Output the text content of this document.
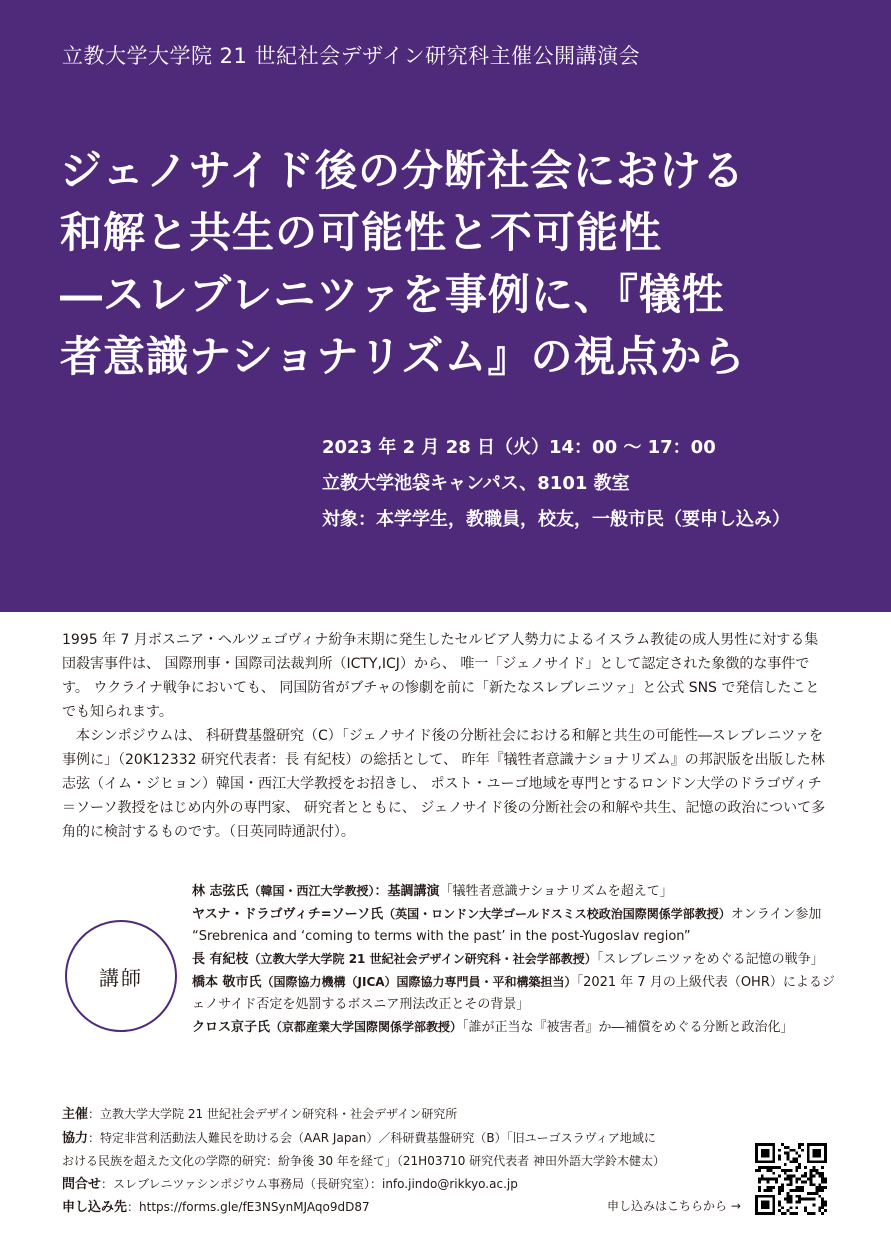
立教大学大学院 21 世紀社会デザイン研究科主催公開講演会
ジェノサイド後の分断社会における
和解と共生の可能性と不可能性
―スレブレニツァを事例に、『犠牲
者意識ナショナリズム』の視点から
2023 年 2 月 28 日（火）14：00 ～ 17：00
立教大学池袋キャンパス、8101 教室
対象：本学学生，教職員，校友，一般市民（要申し込み）

1995 年 7 月ボスニア・ヘルツェゴヴィナ紛争末期に発生したセルビア人勢力によるイスラム教徒の成人男性に対する集団殺害事件は、 国際刑事・国際司法裁判所（ICTY,ICJ）から、 唯一「ジェノサイド」として認定された象徴的な事件です。 ウクライナ戦争においても、 同国防省がブチャの惨劇を前に「新たなスレブレニツァ」と公式 SNS で発信したことでも知られます。

本シンポジウムは、 科研費基盤研究（C）「ジェノサイド後の分断社会における和解と共生の可能性―スレブレニツァを事例に」（20K12332 研究代表者：長 有紀枝）の総括として、 昨年『犠牲者意識ナショナリズム』の邦訳版を出版した林 志弦（イム・ジヒョン）韓国・西江大学教授をお招きし、 ポスト・ユーゴ地域を専門とするロンドン大学のドラゴヴィチ＝ソーソ教授をはじめ内外の専門家、 研究者とともに、 ジェノサイド後の分断社会の和解や共生、記憶の政治について多角的に検討するものです。（日英同時通訳付）。

講師
林 志弦氏（韓国・西江大学教授）：基調講演「犠牲者意識ナショナリズムを超えて」
ヤスナ・ドラゴヴィチ=ソーソ氏（英国・ロンドン大学ゴールドスミス校政治国際関係学部教授）オンライン参加 “Srebrenica and ‘coming to terms with the past’ in the post-Yugoslav region”
長 有紀枝（立教大学大学院 21 世紀社会デザイン研究科・社会学部教授）「スレブレニツァをめぐる記憶の戦争」
橋本 敬市氏（国際協力機構（JICA）国際協力専門員・平和構築担当）「2021 年 7 月の上級代表（OHR）によるジェノサイド否定を処罰するボスニア刑法改正とその背景」
クロス京子氏（京都産業大学国際関係学部教授）「誰が正当な『被害者』か―補償をめぐる分断と政治化」
主催：立教大学大学院 21 世紀社会デザイン研究科・社会デザイン研究所
協力：特定非営利活動法人難民を助ける会（AAR Japan）／科研費基盤研究（B）「旧ユーゴスラヴィア地域に
おける民族を超えた文化の学際的研究：紛争後 30 年を経て」（21H03710 研究代表者 神田外語大学鈴木健太）
問合せ：スレブレニツァシンポジウム事務局（長研究室）：info.jindo@rikkyo.ac.jp
申し込み先：https://forms.gle/fE3NSynMJAqo9dD87	申し込みはこちらから →
